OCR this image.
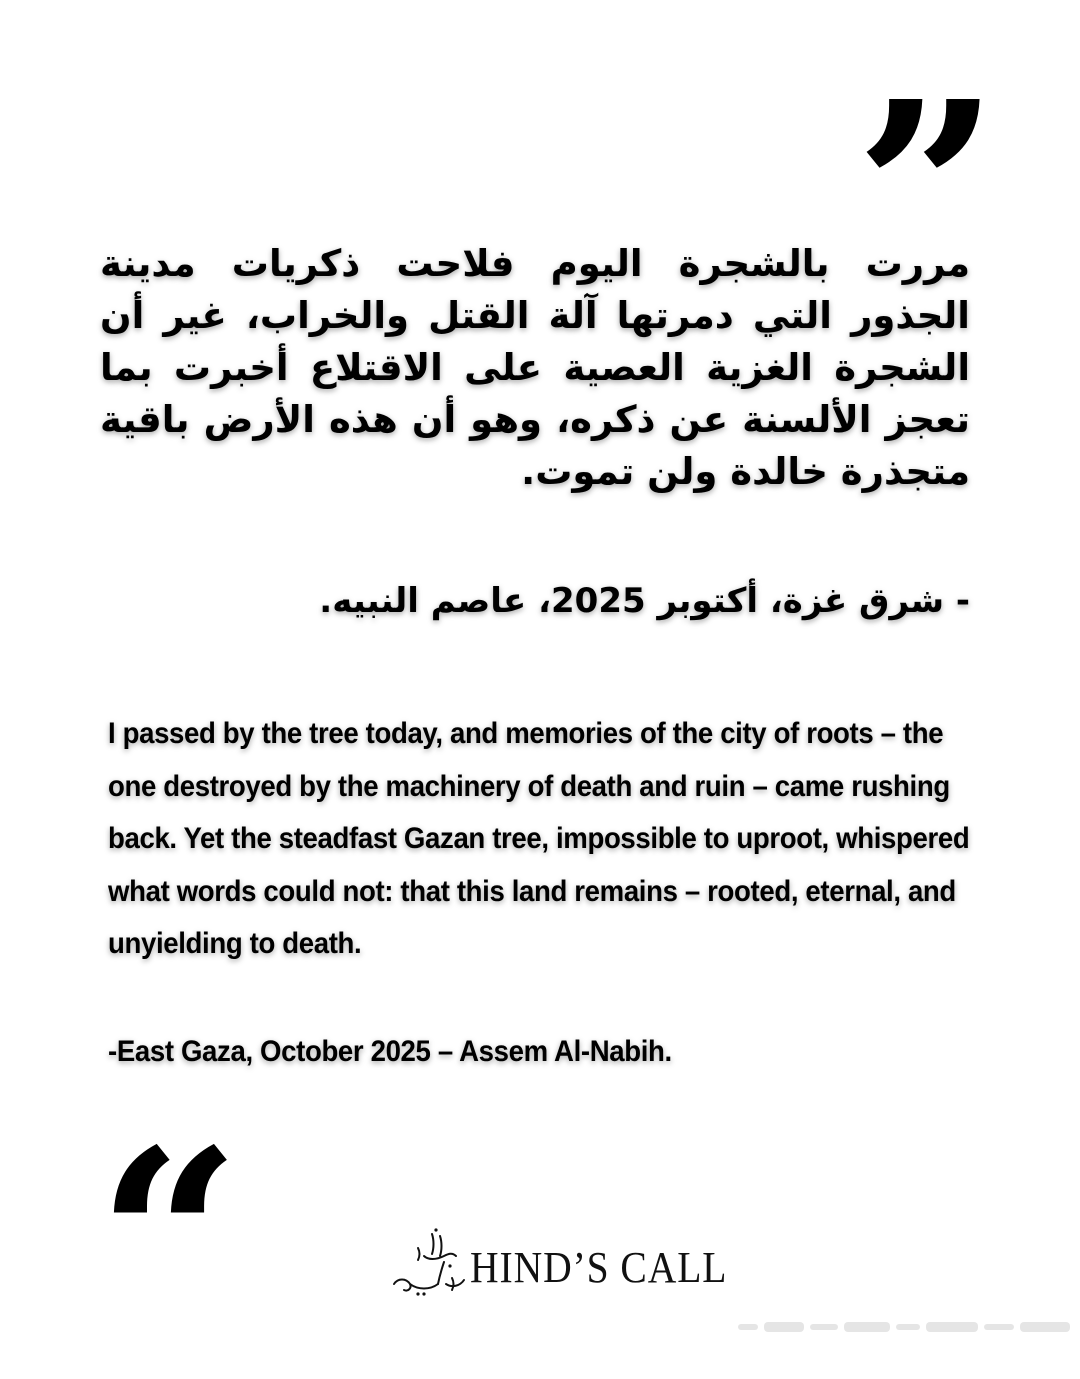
”
مررت بالشجرة اليوم فلاحت ذكريات مدينة الجذور التي دمرتها آلة القتل والخراب، غير أن الشجرة الغزية العصية على الاقتلاع أخبرت بما تعجز الألسنة عن ذكره، وهو أن هذه الأرض باقية متجذرة خالدة ولن تموت.
- شرق غزة، أكتوبر 2025، عاصم النبيه.
I passed by the tree today, and memories of the city of roots – the one destroyed by the machinery of death and ruin – came rushing back. Yet the steadfast Gazan tree, impossible to uproot, whispered what words could not: that this land remains – rooted, eternal, and unyielding to death.
-East Gaza, October 2025 – Assem Al-Nabih.
“	HIND’S CALL
